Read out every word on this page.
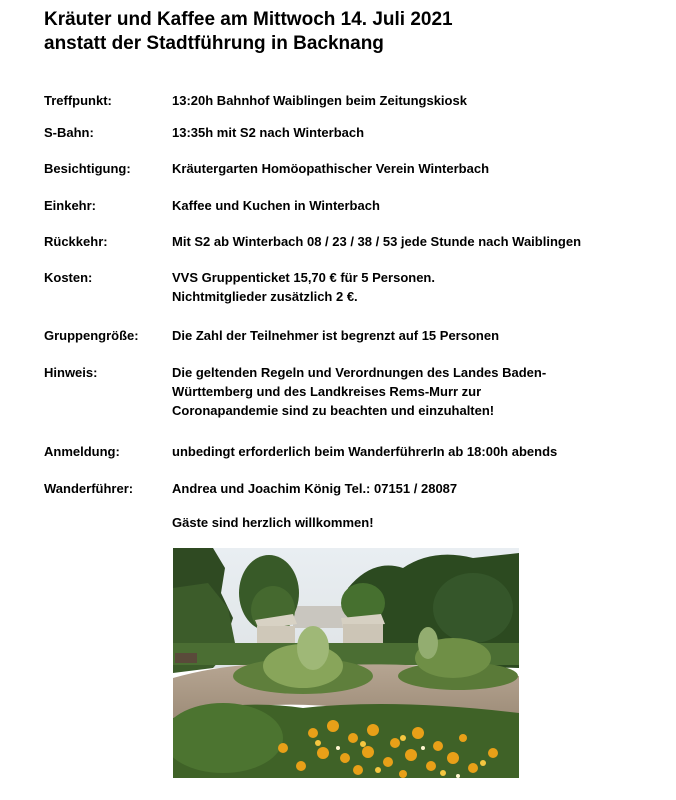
Kräuter und Kaffee am Mittwoch 14. Juli 2021
anstatt der Stadtführung in Backnang
Treffpunkt:	13:20h Bahnhof Waiblingen beim Zeitungskiosk
S-Bahn:	13:35h mit S2 nach Winterbach
Besichtigung:	Kräutergarten Homöopathischer Verein Winterbach
Einkehr:	Kaffee und Kuchen in Winterbach
Rückkehr:	Mit S2 ab Winterbach 08 / 23 / 38 / 53 jede Stunde nach Waiblingen
Kosten:	VVS Gruppenticket 15,70 € für 5 Personen.
Nichtmitglieder zusätzlich 2 €.
Gruppengröße:	Die Zahl der Teilnehmer ist begrenzt auf 15 Personen
Hinweis:	Die geltenden Regeln und Verordnungen des Landes Baden-
Württemberg und des Landkreises Rems-Murr zur
Coronapandemie sind zu beachten und einzuhalten!
Anmeldung:	unbedingt erforderlich beim WanderführerIn ab 18:00h abends
Wanderführer:	Andrea und Joachim König Tel.: 07151 / 28087
Gäste sind herzlich willkommen!
